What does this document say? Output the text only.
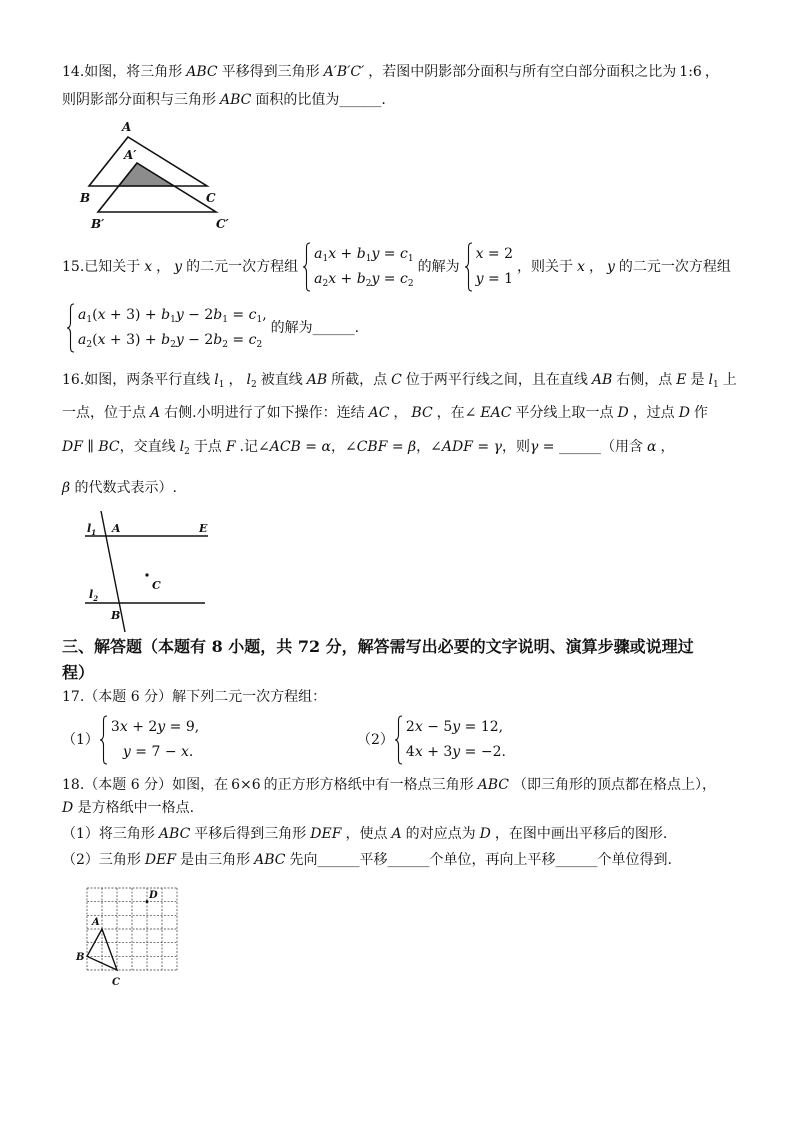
14.如图，将三角形 ABC 平移得到三角形 A′B′C′ ，若图中阴影部分面积与所有空白部分面积之比为 1:6 ，
则阴影部分面积与三角形 ABC 面积的比值为______.
A
A′
B	C
B′	C′
15.已知关于 x ， y 的二元一次方程组
$a_1x + b_1y = c_1$
$a_2x + b_2y = c_2$
的解为
x = 2
y = 1
，则关于 x ， y 的二元一次方程组
$a_1(x + 3) + b_1y - 2b_1 = c_1$,
$a_2(x + 3) + b_2y - 2b_2 = c_2$
的解为______.
16.如图，两条平行直线 $l_1$ ， $l_2$ 被直线 AB 所截，点 C 位于两平行线之间，且在直线 AB 右侧，点 E 是 $l_1$ 上
一点，位于点 A 右侧.小明进行了如下操作：连结 AC ， BC ，在∠ EAC 平分线上取一点 D ，过点 D 作
DF ∥ BC，交直线 $l_2$ 于点 F .记∠ACB = α，∠CBF = β，∠ADF = γ，则γ = ______（用含 α ，
β 的代数式表示）.
$l_1$ A	E
C
$l_2$
B
三、解答题（本题有 8 小题，共 72 分，解答需写出必要的文字说明、演算步骤或说理过
程）
17.（本题 6 分）解下列二元一次方程组：
（1）
3x + 2y = 9,
y = 7 − x.
（2）
2x − 5y = 12,
4x + 3y = −2.
18.（本题 6 分）如图，在 6×6 的正方形方格纸中有一格点三角形 ABC （即三角形的顶点都在格点上），
D 是方格纸中一格点.
（1）将三角形 ABC 平移后得到三角形 DEF ，使点 A 的对应点为 D ，在图中画出平移后的图形.
（2）三角形 DEF 是由三角形 ABC 先向______平移______个单位，再向上平移______个单位得到.
D
A
B
C
